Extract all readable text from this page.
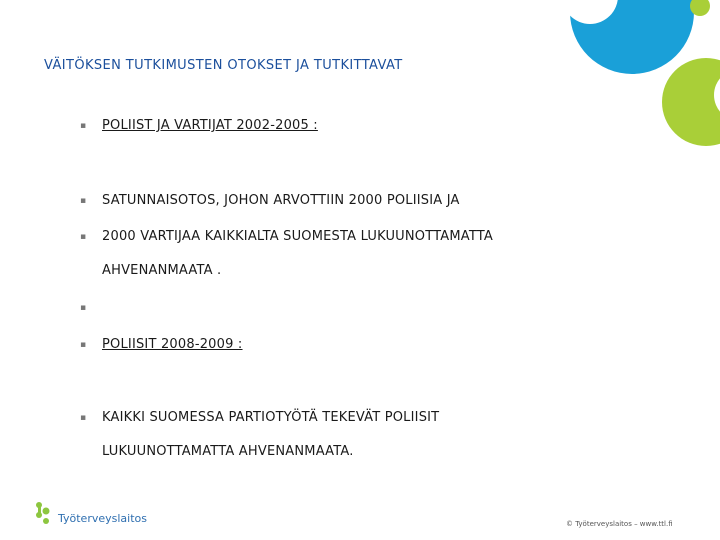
VÄITÖKSEN TUTKIMUSTEN OTOKSET JA TUTKITTAVAT
▪	POLIIST JA VARTIJAT 2002-2005 :
▪	SATUNNAISOTOS, JOHON ARVOTTIIN 2000 POLIISIA JA
▪	2000 VARTIJAA KAIKKIALTA SUOMESTA LUKUUNOTTAMATTA
AHVENANMAATA .
▪
▪	POLIISIT 2008-2009 :
▪	KAIKKI SUOMESSA PARTIOTYÖTÄ TEKEVÄT POLIISIT
LUKUUNOTTAMATTA AHVENANMAATA.
Työterveyslaitos	© Työterveyslaitos – www.ttl.fi
